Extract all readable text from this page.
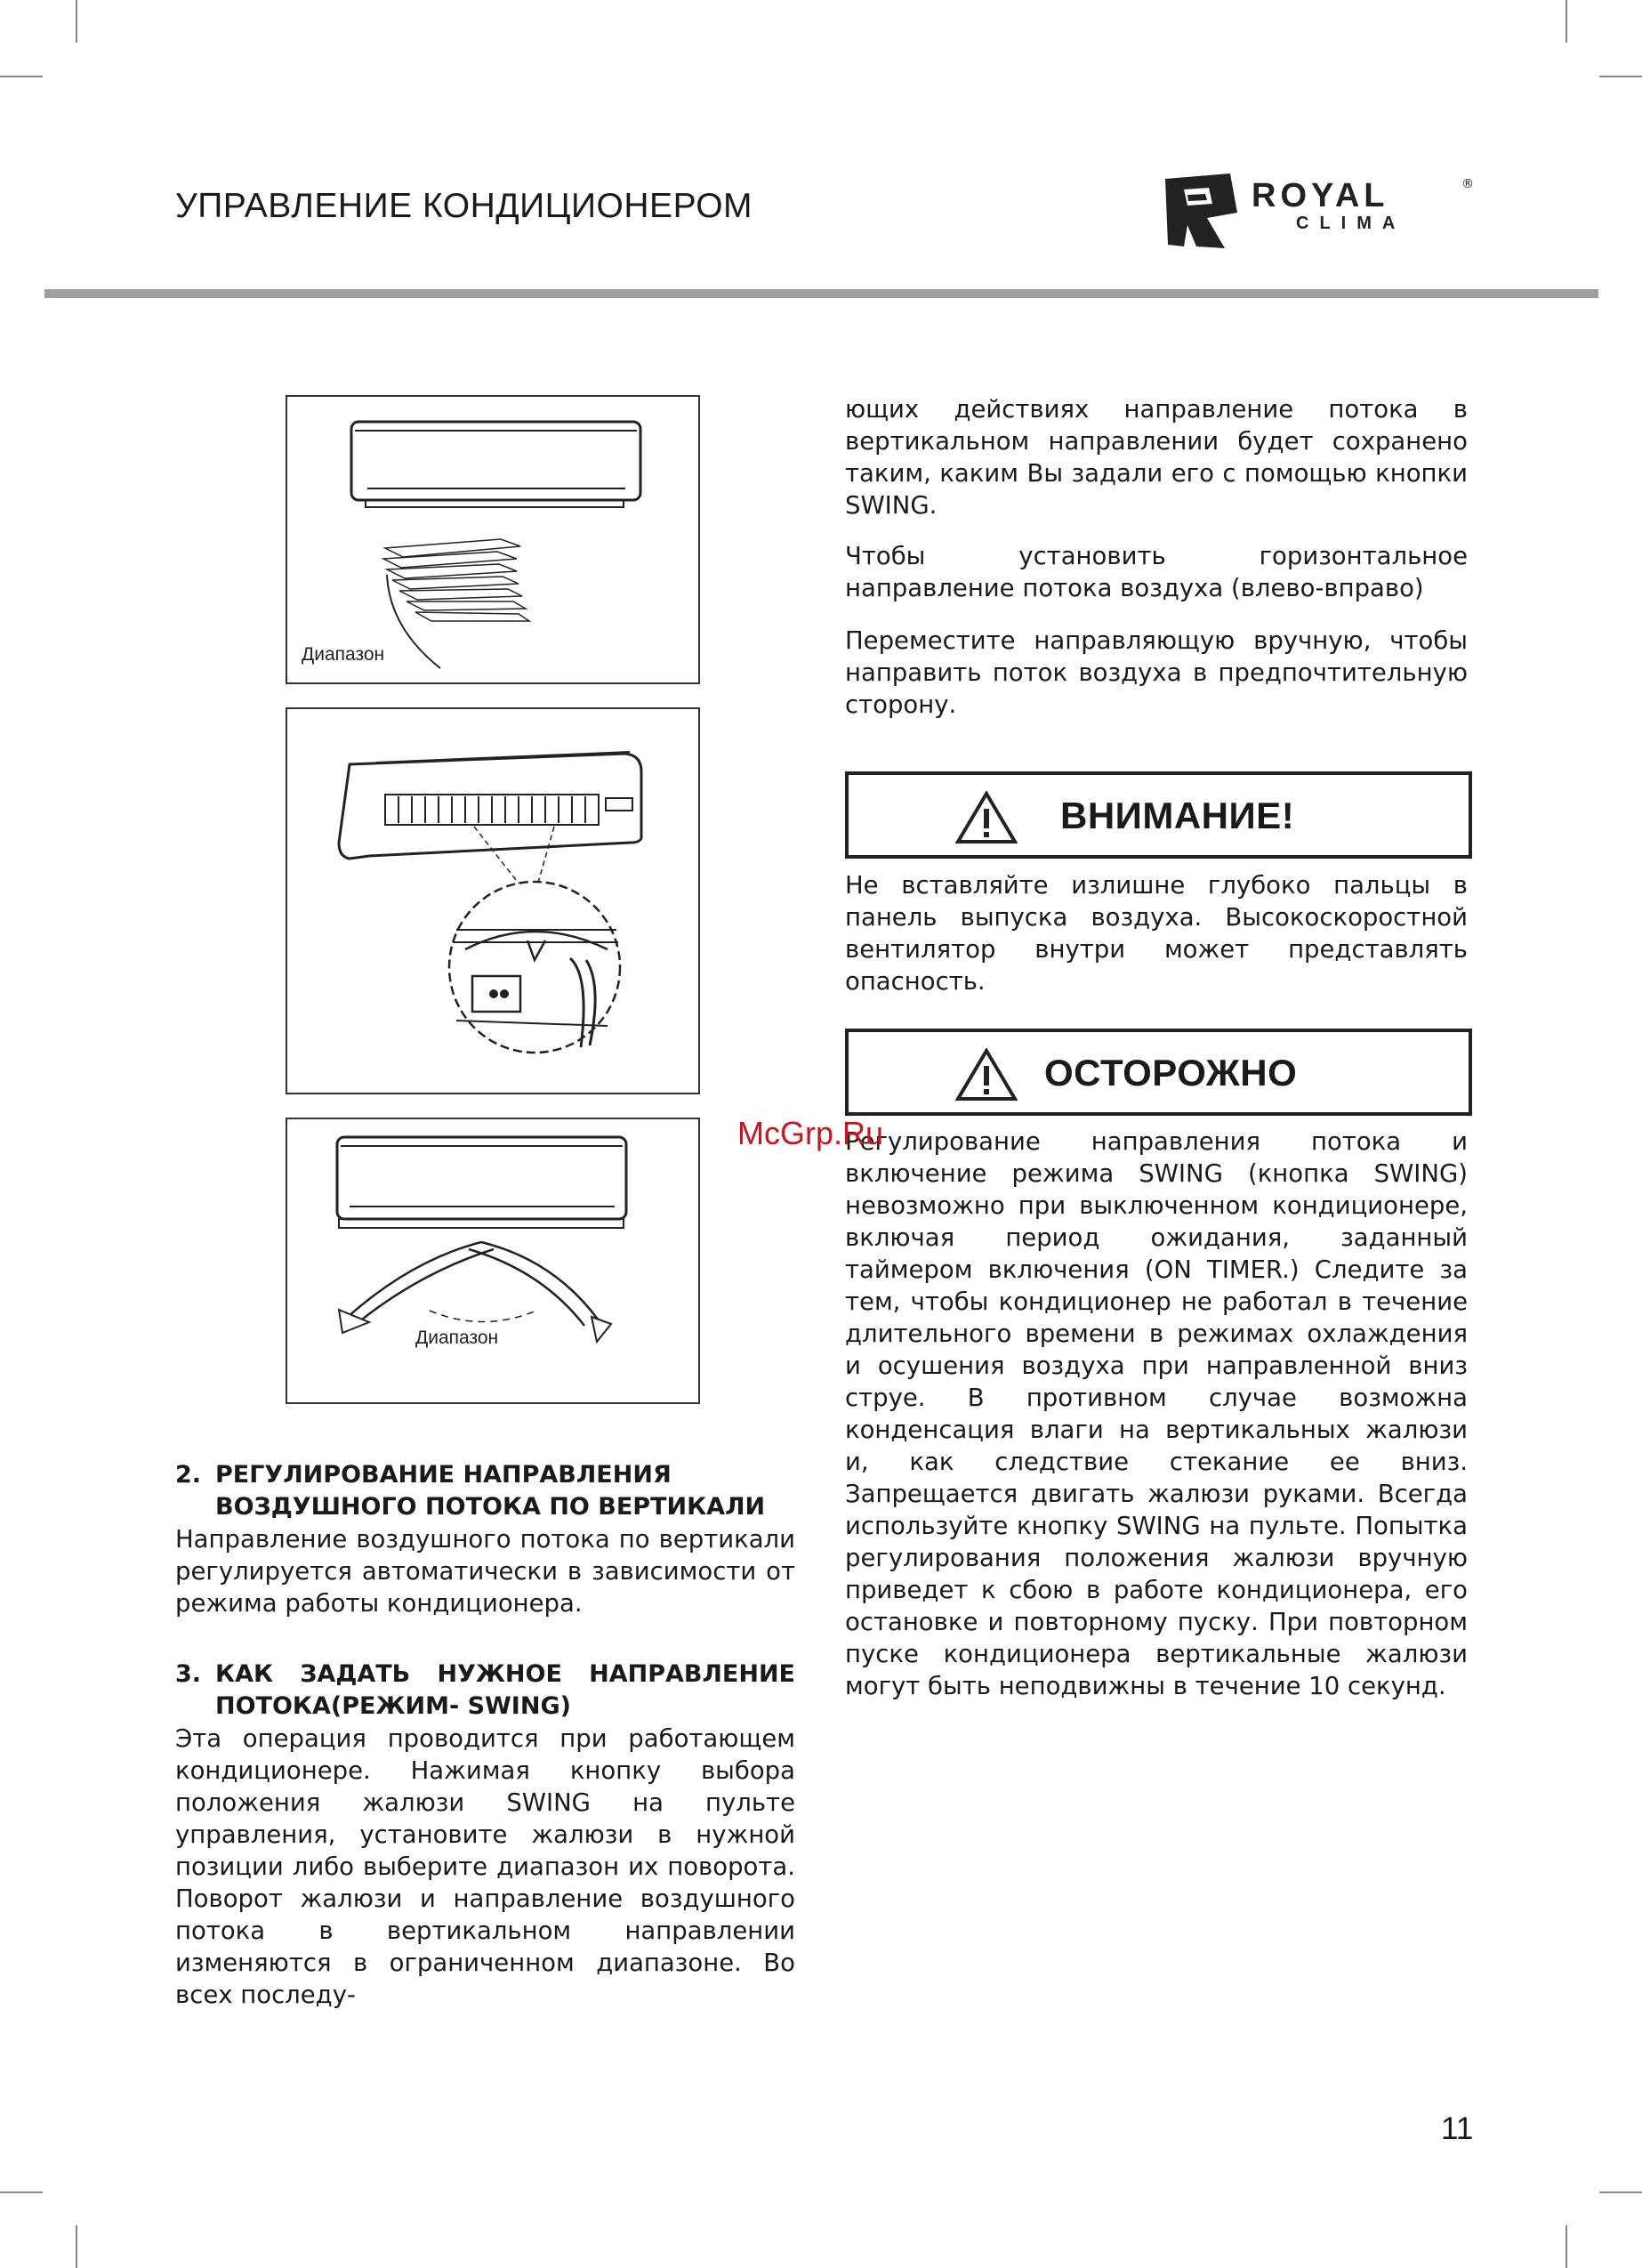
УПРАВЛЕНИЕ КОНДИЦИОНЕРОМ	ROYAL	®
CLIMA
Диапазон
Диапазон
2. РЕГУЛИРОВАНИЕ НАПРАВЛЕНИЯ
ВОЗДУШНОГО ПОТОКА ПО ВЕРТИКАЛИ

Направление воздушного потока по вертикали регулируется автоматически в зависимости от режима работы кондиционера.

3. КАК ЗАДАТЬ НУЖНОЕ НАПРАВЛЕНИЕ
ПОТОКА(РЕЖИМ- SWING)

Эта операция проводится при работающем кондиционере. Нажимая кнопку выбора положения жалюзи SWING на пульте управления, установите жалюзи в нужной позиции либо выберите диапазон их поворота. Поворот жалюзи и направление воздушного потока в вертикальном направлении изменяются в ограниченном диапазоне. Во всех последу-

ющих действиях направление потока в вертикальном направлении будет сохранено таким, каким Вы задали его с помощью кнопки SWING.

Чтобы установить горизонтальное направление потока воздуха (влево-вправо)

Переместите направляющую вручную, чтобы направить поток воздуха в предпочтительную сторону.

ВНИМАНИЕ!

Не вставляйте излишне глубоко пальцы в панель выпуска воздуха. Высокоскоростной вентилятор внутри может представлять опасность.

ОСТОРОЖНО

Регулирование направления потока и включение режима SWING (кнопка SWING) невозможно при выключенном кондиционере, включая период ожидания, заданный таймером включения (ON TIMER.) Следите за тем, чтобы кондиционер не работал в течение длительного времени в режимах охлаждения и осушения воздуха при направленной вниз струе. В противном случае возможна конденсация влаги на вертикальных жалюзи и, как следствие стекание ее вниз. Запрещается двигать жалюзи руками. Всегда используйте кнопку SWING на пульте. Попытка регулирования положения жалюзи вручную приведет к сбою в работе кондиционера, его остановке и повторному пуску. При повторном пуске кондиционера вертикальные жалюзи могут быть неподвижны в течение 10 секунд.

McGrp.Ru
11
